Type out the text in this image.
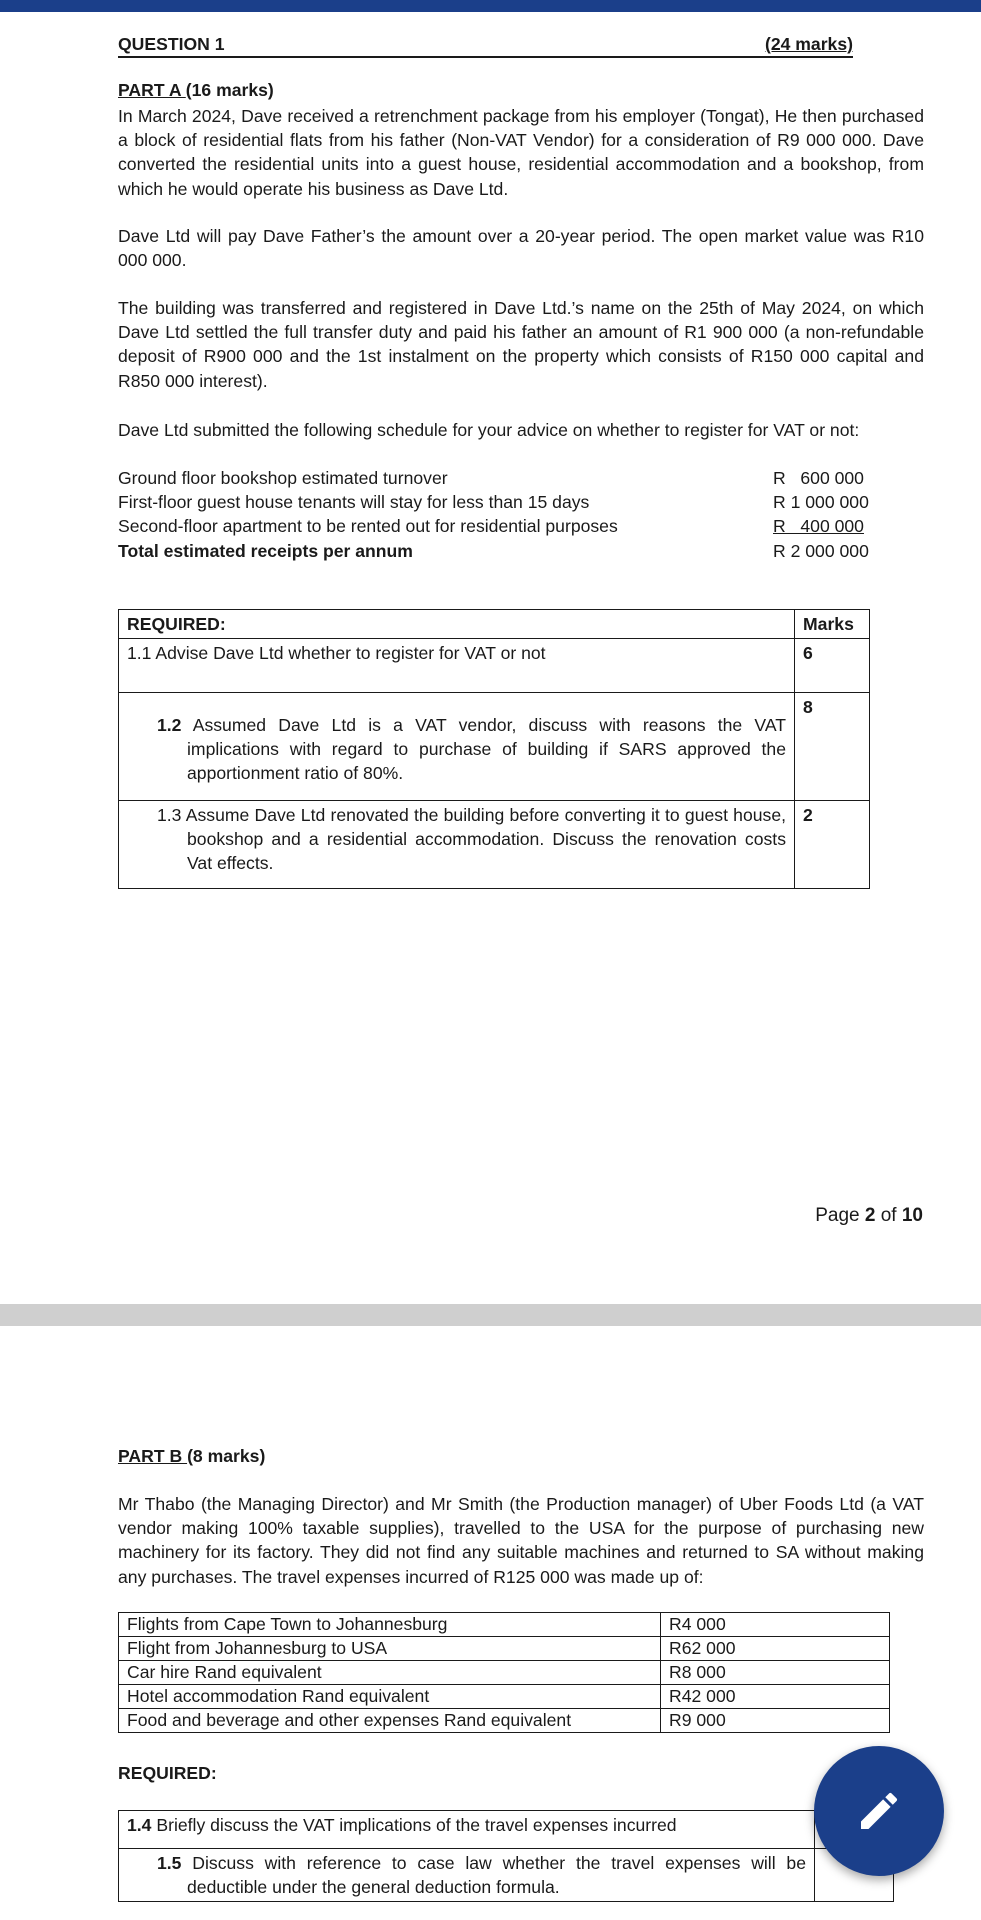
QUESTION 1	(24 marks)
PART A (16 marks)

In March 2024, Dave received a retrenchment package from his employer (Tongat), He then purchased a block of residential flats from his father (Non-VAT Vendor) for a consideration of R9 000 000. Dave converted the residential units into a guest house, residential accommodation and a bookshop, from which he would operate his business as Dave Ltd.

Dave Ltd will pay Dave Father’s the amount over a 20-year period. The open market value was R10 000 000.

The building was transferred and registered in Dave Ltd.’s name on the 25th of May 2024, on which Dave Ltd settled the full transfer duty and paid his father an amount of R1 900 000 (a non-refundable deposit of R900 000 and the 1st instalment on the property which consists of R150 000 capital and R850 000 interest).

Dave Ltd submitted the following schedule for your advice on whether to register for VAT or not:

Ground floor bookshop estimated turnover	R   600 000
First-floor guest house tenants will stay for less than 15 days	R 1 000 000
Second-floor apartment to be rented out for residential purposes	R   400 000
Total estimated receipts per annum	R 2 000 000
REQUIRED:	Marks
1.1 Advise Dave Ltd whether to register for VAT or not	6

1.2 Assumed Dave Ltd is a VAT vendor, discuss with reasons the VAT implications with regard to purchase of building if SARS approved the apportionment ratio of 80%.	8

1.3 Assume Dave Ltd renovated the building before converting it to guest house, bookshop and a residential accommodation. Discuss the renovation costs Vat effects.	2
Page 2 of 10
PART B (8 marks)

Mr Thabo (the Managing Director) and Mr Smith (the Production manager) of Uber Foods Ltd (a VAT vendor making 100% taxable supplies), travelled to the USA for the purpose of purchasing new machinery for its factory. They did not find any suitable machines and returned to SA without making any purchases. The travel expenses incurred of R125 000 was made up of:

Flights from Cape Town to Johannesburg	R4 000
Flight from Johannesburg to USA	R62 000
Car hire Rand equivalent	R8 000
Hotel accommodation Rand equivalent	R42 000
Food and beverage and other expenses Rand equivalent	R9 000
REQUIRED:
1.4 Briefly discuss the VAT implications of the travel expenses incurred	

1.5 Discuss with reference to case law whether the travel expenses will be deductible under the general deduction formula.	
